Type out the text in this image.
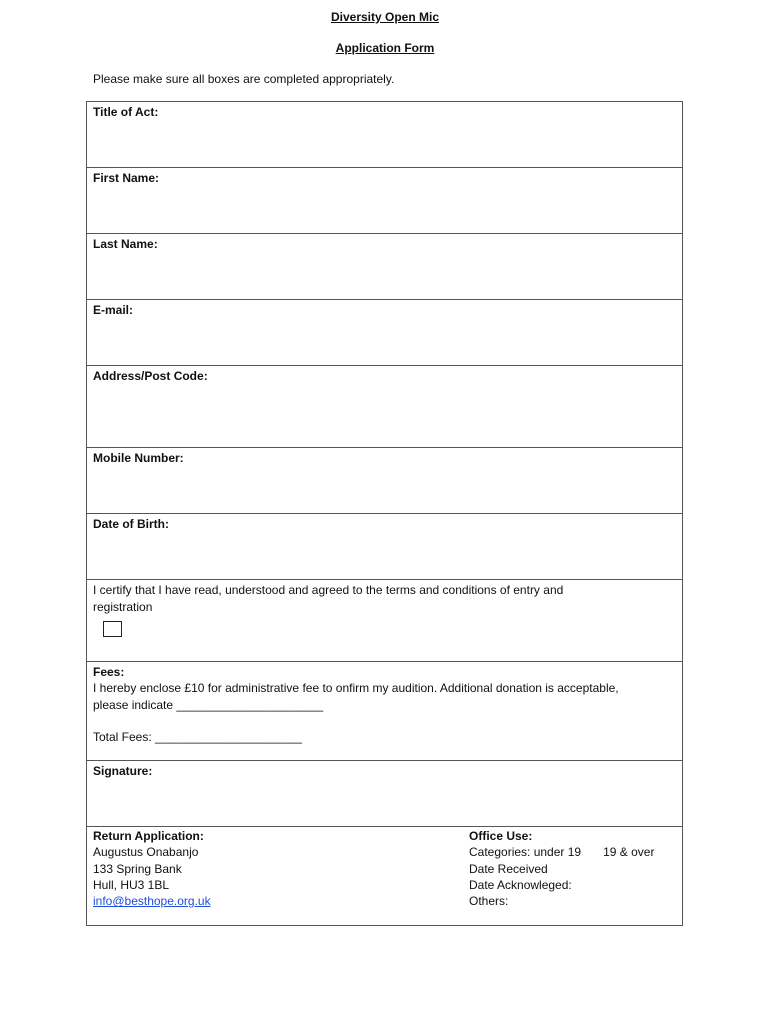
Diversity Open Mic
Application Form
Please make sure all boxes are completed appropriately.
Title of Act:
First Name:
Last Name:
E-mail:
Address/Post Code:
Mobile Number:
Date of Birth:
I certify that I have read, understood and agreed to the terms and conditions of entry and registration
Fees:
I hereby enclose £10 for administrative fee to onfirm my audition. Additional donation is acceptable,
please indicate ______________________
Total Fees: ______________________
Signature:
Return Application:
Augustus Onabanjo
133 Spring Bank
Hull, HU3 1BL
info@besthope.org.uk
Office Use:
Categories: under 19 19 & over
Date Received
Date Acknowleged:
Others:
